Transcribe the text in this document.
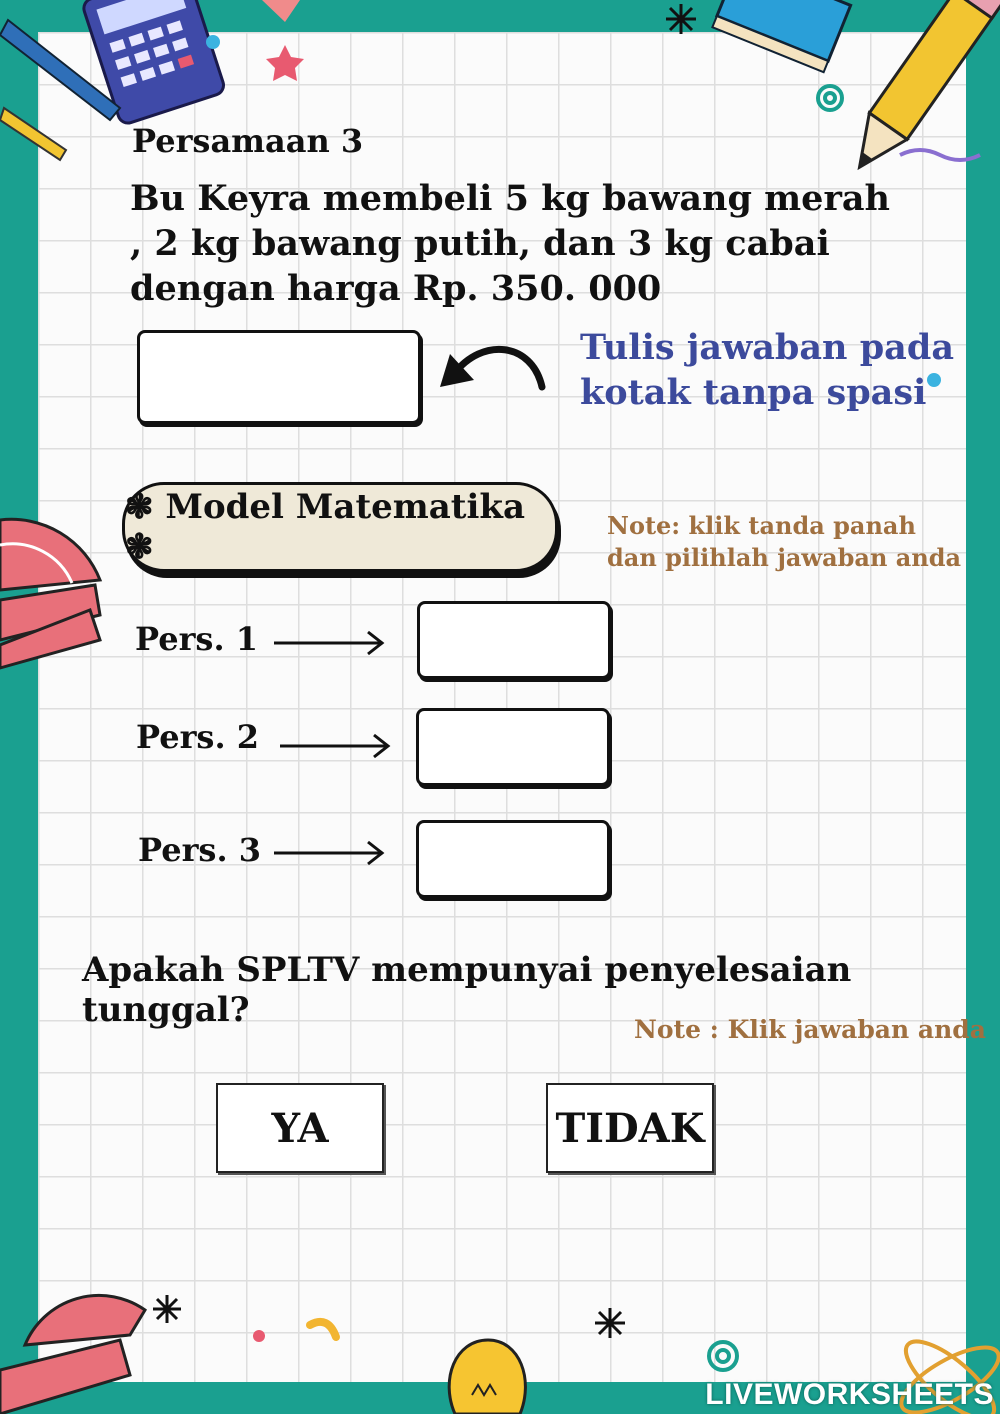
Persamaan 3
Bu Keyra membeli 5 kg bawang merah , 2 kg bawang putih, dan 3 kg cabai dengan harga Rp. 350. 000
Tulis jawaban pada
kotak tanpa spasi
❃ Model Matematika ❃
Note: klik tanda panah
dan pilihlah jawaban anda
Pers. 1
Pers. 2
Pers. 3
Apakah SPLTV mempunyai penyelesaian tunggal?	Note : Klik jawaban anda
YA	TIDAK
LIVEWORKSHEETS
